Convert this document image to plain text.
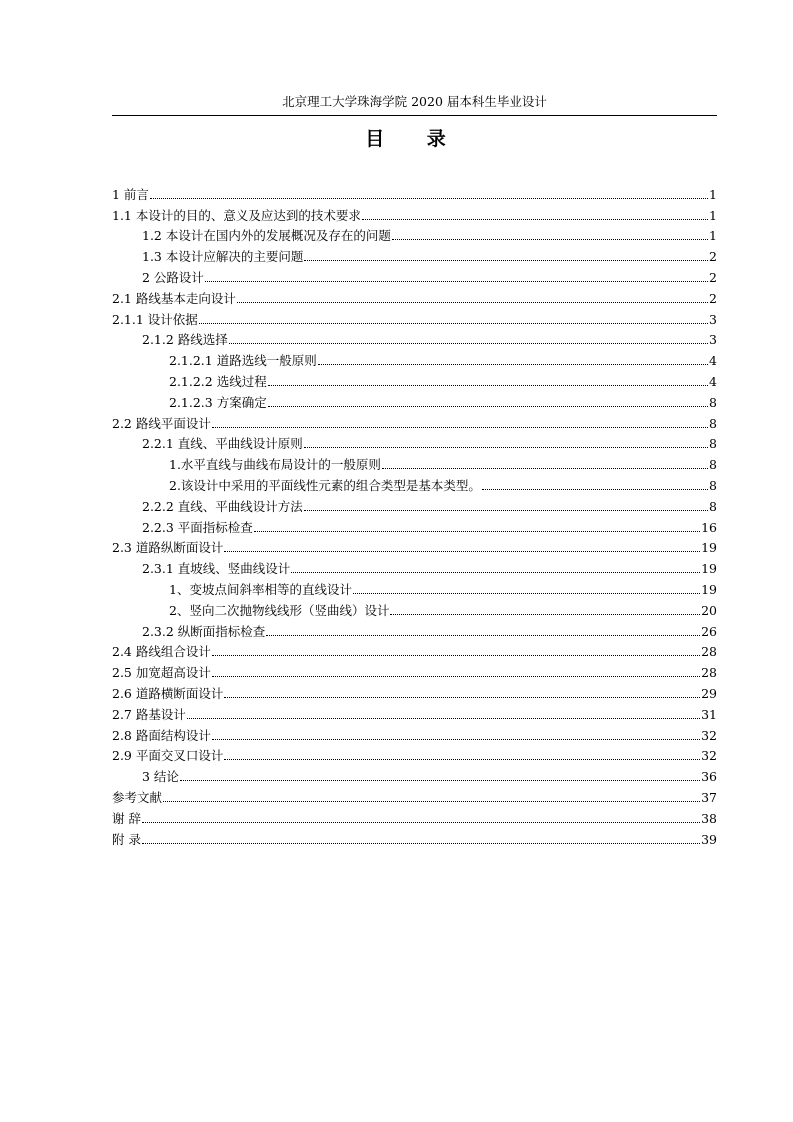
北京理工大学珠海学院 2020 届本科生毕业设计
目 录
1 前言	1
1.1 本设计的目的、意义及应达到的技术要求	1
1.2 本设计在国内外的发展概况及存在的问题	1
1.3 本设计应解决的主要问题	2
2 公路设计	2
2.1 路线基本走向设计	2
2.1.1 设计依据	3
2.1.2 路线选择	3
2.1.2.1 道路选线一般原则	4
2.1.2.2 选线过程	4
2.1.2.3 方案确定	8
2.2 路线平面设计	8
2.2.1 直线、平曲线设计原则	8
1.水平直线与曲线布局设计的一般原则	8
2.该设计中采用的平面线性元素的组合类型是基本类型。	8
2.2.2 直线、平曲线设计方法	8
2.2.3 平面指标检查	16
2.3 道路纵断面设计	19
2.3.1 直坡线、竖曲线设计	19
1、变坡点间斜率相等的直线设计	19
2、竖向二次抛物线线形（竖曲线）设计	20
2.3.2 纵断面指标检查	26
2.4 路线组合设计	28
2.5 加宽超高设计	28
2.6 道路横断面设计	29
2.7 路基设计	31
2.8 路面结构设计	32
2.9 平面交叉口设计	32
3 结论	36
参考文献	37
谢 辞	38
附 录	39
